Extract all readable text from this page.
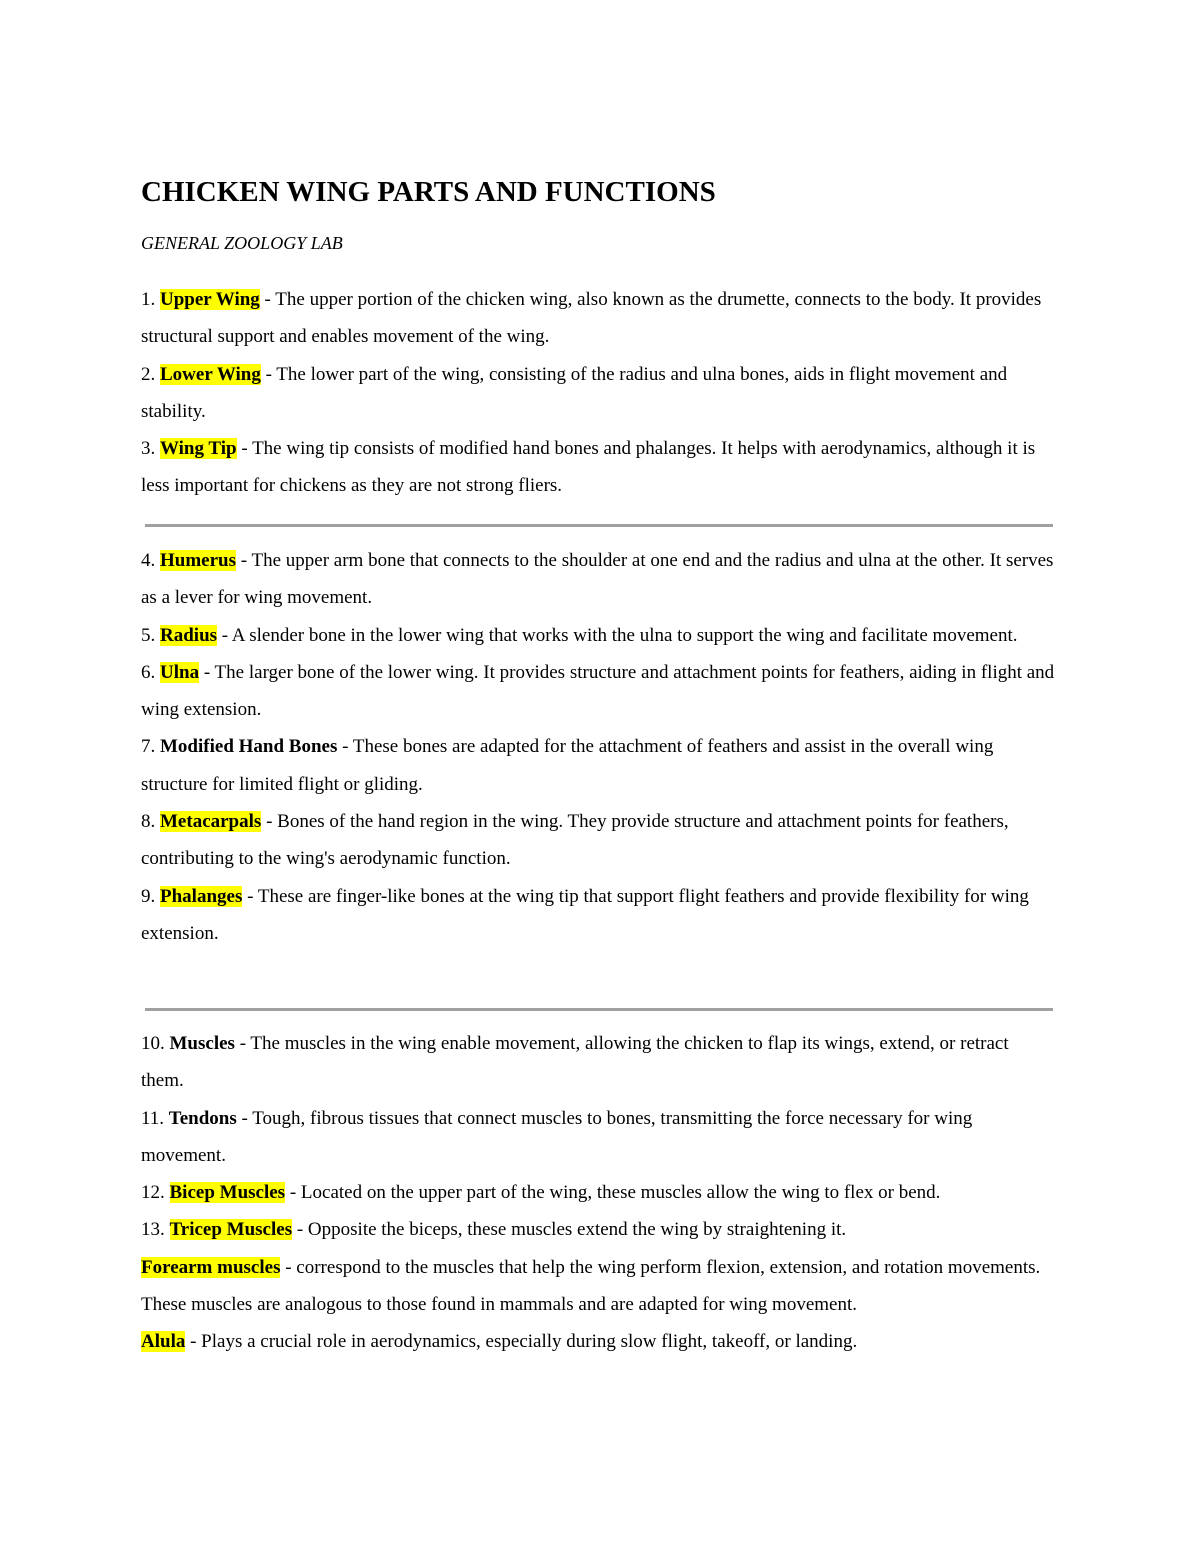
CHICKEN WING PARTS AND FUNCTIONS

GENERAL ZOOLOGY LAB

1. Upper Wing - The upper portion of the chicken wing, also known as the drumette, connects to the body. It provides structural support and enables movement of the wing.

2. Lower Wing - The lower part of the wing, consisting of the radius and ulna bones, aids in flight movement and stability.

3. Wing Tip - The wing tip consists of modified hand bones and phalanges. It helps with aerodynamics, although it is less important for chickens as they are not strong fliers.

4. Humerus - The upper arm bone that connects to the shoulder at one end and the radius and ulna at the other. It serves as a lever for wing movement.

5. Radius - A slender bone in the lower wing that works with the ulna to support the wing and facilitate movement.

6. Ulna - The larger bone of the lower wing. It provides structure and attachment points for feathers, aiding in flight and wing extension.

7. Modified Hand Bones - These bones are adapted for the attachment of feathers and assist in the overall wing structure for limited flight or gliding.

8. Metacarpals - Bones of the hand region in the wing. They provide structure and attachment points for feathers, contributing to the wing's aerodynamic function.

9. Phalanges - These are finger-like bones at the wing tip that support flight feathers and provide flexibility for wing extension.

10. Muscles - The muscles in the wing enable movement, allowing the chicken to flap its wings, extend, or retract them.

11. Tendons - Tough, fibrous tissues that connect muscles to bones, transmitting the force necessary for wing movement.

12. Bicep Muscles - Located on the upper part of the wing, these muscles allow the wing to flex or bend.

13. Tricep Muscles - Opposite the biceps, these muscles extend the wing by straightening it.

Forearm muscles - correspond to the muscles that help the wing perform flexion, extension, and rotation movements. These muscles are analogous to those found in mammals and are adapted for wing movement.

Alula - Plays a crucial role in aerodynamics, especially during slow flight, takeoff, or landing.
